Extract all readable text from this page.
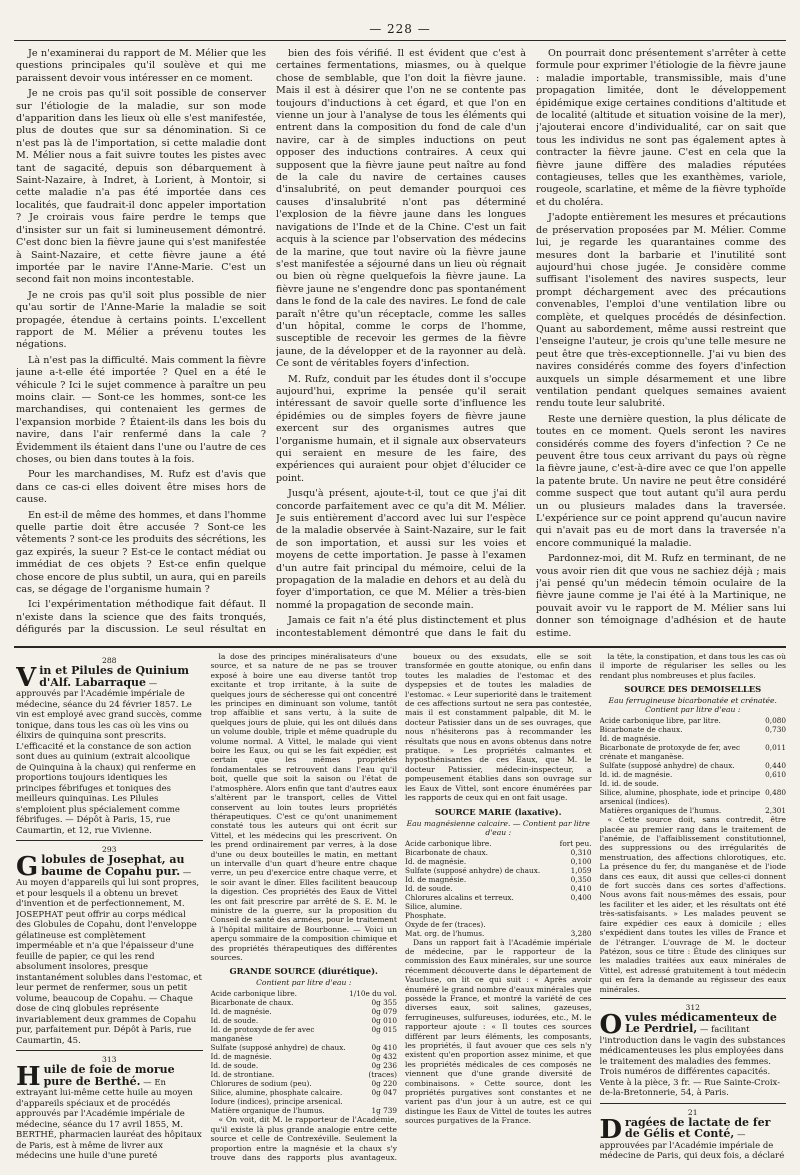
— 228 —

Je n'examinerai du rapport de M. Mélier que les questions principales qu'il soulève et qui me paraissent devoir vous intéresser en ce moment.

Je ne crois pas qu'il soit possible de conserver sur l'étiologie de la maladie, sur son mode d'apparition dans les lieux où elle s'est manifestée, plus de doutes que sur sa dénomination. Si ce n'est pas là de l'importation, si cette maladie dont M. Mélier nous a fait suivre toutes les pistes avec tant de sagacité, depuis son débarquement à Saint-Nazaire, à Indret, à Lorient, à Montoir, si cette maladie n'a pas été importée dans ces localités, que faudrait-il donc appeler importation ? Je croirais vous faire perdre le temps que d'insister sur un fait si lumineusement démontré. C'est donc bien la fièvre jaune qui s'est manifestée à Saint-Nazaire, et cette fièvre jaune a été importée par le navire l'Anne-Marie. C'est un second fait non moins incontestable.

Je ne crois pas qu'il soit plus possible de nier qu'au sortir de l'Anne-Marie la maladie se soit propagée, étendue à certains points. L'excellent rapport de M. Mélier a prévenu toutes les négations.

Là n'est pas la difficulté. Mais comment la fièvre jaune a-t-elle été importée ? Quel en a été le véhicule ? Ici le sujet commence à paraître un peu moins clair. — Sont-ce les hommes, sont-ce les marchandises, qui contenaient les germes de l'expansion morbide ? Étaient-ils dans les bois du navire, dans l'air renfermé dans la cale ? Évidemment ils étaient dans l'une ou l'autre de ces choses, ou bien dans toutes à la fois.

Pour les marchandises, M. Rufz est d'avis que dans ce cas-ci elles doivent être mises hors de cause.

En est-il de même des hommes, et dans l'homme quelle partie doit être accusée ? Sont-ce les vêtements ? sont-ce les produits des sécrétions, les gaz expirés, la sueur ? Est-ce le contact médiat ou immédiat de ces objets ? Est-ce enfin quelque chose encore de plus subtil, un aura, qui en pareils cas, se dégage de l'organisme humain ?

Ici l'expérimentation méthodique fait défaut. Il n'existe dans la science que des faits tronqués, défigurés par la discussion. Le seul résultat en

bien des fois vérifié. Il est évident que c'est à certaines fermentations, miasmes, ou à quelque chose de semblable, que l'on doit la fièvre jaune. Mais il est à désirer que l'on ne se contente pas toujours d'inductions à cet égard, et que l'on en vienne un jour à l'analyse de tous les éléments qui entrent dans la composition du fond de cale d'un navire, car à de simples inductions on peut opposer des inductions contraires. A ceux qui supposent que la fièvre jaune peut naître au fond de la cale du navire de certaines causes d'insalubrité, on peut demander pourquoi ces causes d'insalubrité n'ont pas déterminé l'explosion de la fièvre jaune dans les longues navigations de l'Inde et de la Chine. C'est un fait acquis à la science par l'observation des médecins de la marine, que tout navire où la fièvre jaune s'est manifestée a séjourné dans un lieu où régnait ou bien où règne quelquefois la fièvre jaune. La fièvre jaune ne s'engendre donc pas spontanément dans le fond de la cale des navires. Le fond de cale paraît n'être qu'un réceptacle, comme les salles d'un hôpital, comme le corps de l'homme, susceptible de recevoir les germes de la fièvre jaune, de la développer et de la rayonner au delà. Ce sont de véritables foyers d'infection.

M. Rufz, conduit par les études dont il s'occupe aujourd'hui, exprime la pensée qu'il serait intéressant de savoir quelle sorte d'influence les épidémies ou de simples foyers de fièvre jaune exercent sur des organismes autres que l'organisme humain, et il signale aux observateurs qui seraient en mesure de les faire, des expériences qui auraient pour objet d'élucider ce point.

Jusqu'à présent, ajoute-t-il, tout ce que j'ai dit concorde parfaitement avec ce qu'a dit M. Mélier. Je suis entièrement d'accord avec lui sur l'espèce de la maladie observée à Saint-Nazaire, sur le fait de son importation, et aussi sur les voies et moyens de cette importation. Je passe à l'examen d'un autre fait principal du mémoire, celui de la propagation de la maladie en dehors et au delà du foyer d'importation, ce que M. Mélier a très-bien nommé la propagation de seconde main.

Jamais ce fait n'a été plus distinctement et plus incontestablement démontré que dans le fait du

On pourrait donc présentement s'arrêter à cette formule pour exprimer l'étiologie de la fièvre jaune : maladie importable, transmissible, mais d'une propagation limitée, dont le développement épidémique exige certaines conditions d'altitude et de localité (altitude et situation voisine de la mer), j'ajouterai encore d'individualité, car on sait que tous les individus ne sont pas également aptes à contracter la fièvre jaune. C'est en cela que la fièvre jaune diffère des maladies réputées contagieuses, telles que les exanthèmes, variole, rougeole, scarlatine, et même de la fièvre typhoïde et du choléra.

J'adopte entièrement les mesures et précautions de préservation proposées par M. Mélier. Comme lui, je regarde les quarantaines comme des mesures dont la barbarie et l'inutilité sont aujourd'hui chose jugée. Je considère comme suffisant l'isolement des navires suspects, leur prompt déchargement avec des précautions convenables, l'emploi d'une ventilation libre ou complète, et quelques procédés de désinfection. Quant au sabordement, même aussi restreint que l'enseigne l'auteur, je crois qu'une telle mesure ne peut être que très-exceptionnelle. J'ai vu bien des navires considérés comme des foyers d'infection auxquels un simple désarmement et une libre ventilation pendant quelques semaines avaient rendu toute leur salubrité.

Reste une dernière question, la plus délicate de toutes en ce moment. Quels seront les navires considérés comme des foyers d'infection ? Ce ne peuvent être tous ceux arrivant du pays où règne la fièvre jaune, c'est-à-dire avec ce que l'on appelle la patente brute. Un navire ne peut être considéré comme suspect que tout autant qu'il aura perdu un ou plusieurs malades dans la traversée. L'expérience sur ce point apprend qu'aucun navire qui n'avait pas eu de mort dans la traversée n'a encore communiqué la maladie.

Pardonnez-moi, dit M. Rufz en terminant, de ne vous avoir rien dit que vous ne sachiez déjà ; mais j'ai pensé qu'un médecin témoin oculaire de la fièvre jaune comme je l'ai été à la Martinique, ne pouvait avoir vu le rapport de M. Mélier sans lui donner son témoignage d'adhésion et de haute estime.

288
Vin et Pilules de Quinium d'Alf. Labarraque — approuvés par l'Académie impériale de médecine, séance du 24 février 1857. Le vin est employé avec grand succès, comme tonique, dans tous les cas où les vins ou élixirs de quinquina sont prescrits. L'efficacité et la constance de son action sont dues au quinium (extrait alcoolique de Quinquina à la chaux) qui renferme en proportions toujours identiques les principes fébrifuges et toniques des meilleurs quinquinas. Les Pilules s'emploient plus spécialement comme fébrifuges. — Dépôt à Paris, 15, rue Caumartin, et 12, rue Vivienne.
293
Globules de Josephat, au baume de Copahu pur. — Au moyen d'appareils qui lui sont propres, et pour lesquels il a obtenu un brevet d'invention et de perfectionnement, M. JOSEPHAT peut offrir au corps médical des Globules de Copahu, dont l'enveloppe gélatineuse est complètement imperméable et n'a que l'épaisseur d'une feuille de papier, ce qui les rend absolument insolores, presque instantanément solubles dans l'estomac, et leur permet de renfermer, sous un petit volume, beaucoup de Copahu. — Chaque dose de cinq globules représente invariablement deux grammes de Copahu pur, parfaitement pur. Dépôt à Paris, rue Caumartin, 45.
313
Huile de foie de morue pure de Berthé. — En extrayant lui-même cette huile au moyen d'appareils spéciaux et de procédés approuvés par l'Académie impériale de médecine, séance du 17 avril 1855, M. BERTHÉ, pharmacien lauréat des hôpitaux de Paris, est à même de livrer aux médecins une huile d'une pureté

la dose des principes minéralisateurs d'une source, et sa nature de ne pas se trouver exposé à boire une eau diverse tantôt trop excitante et trop irritante, à la suite de quelques jours de sécheresse qui ont concentré les principes en diminuant son volume, tantôt trop affaiblie et sans vertu, à la suite de quelques jours de pluie, qui les ont dilués dans un volume double, triple et même quadruple du volume normal. A Vittel, le malade qui vient boire les Eaux, ou qui se les fait expédier, est certain que les mêmes propriétés fondamentales se retrouvent dans l'eau qu'il boit, quelle que soit la saison ou l'état de l'atmosphère. Alors enfin que tant d'autres eaux s'altèrent par le transport, celles de Vittel conservent au loin toutes leurs propriétés thérapeutiques. C'est ce qu'ont unanimement constaté tous les auteurs qui ont écrit sur Vittel, et les médecins qui les prescrivent. On les prend ordinairement par verres, à la dose d'une ou deux bouteilles le matin, en mettant un intervalle d'un quart d'heure entre chaque verre, un peu d'exercice entre chaque verre, et le soir avant le dîner. Elles facilitent beaucoup la digestion. Ces propriétés des Eaux de Vittel les ont fait prescrire par arrêté de S. E. M. le ministre de la guerre, sur la proposition du Conseil de santé des armées, pour le traitement à l'hôpital militaire de Bourbonne. — Voici un aperçu sommaire de la composition chimique et des propriétés thérapeutiques des différentes sources.

GRANDE SOURCE (diurétique).
Contient par litre d'eau :
Acide carbonique libre.	1/10e du vol.
Bicarbonate de chaux.	0g 355
Id. de magnésie.	0g 079
Id. de soude.	0g 010
Id. de protoxyde de fer avec manganèse	0g 015
Sulfate (supposé anhydre) de chaux.	0g 410
Id. de magnésie.	0g 432
Id. de soude.	0g 236
Id. de strontiane.	(traces)
Chlorures de sodium (peu).	0g 220
Silice, alumine, phosphate calcaire.	0g 047
Iodure (indices), principe arsenical.	
Matière organique de l'humus.	1g 739

« On voit, dit M. le rapporteur de l'Académie, qu'il existe là plus grande analogie entre cette source et celle de Contrexéville. Seulement la proportion entre la magnésie et la chaux s'y trouve dans des rapports plus avantageux.

boueux ou des exsudats, elle se soit transformée en goutte atonique, ou enfin dans toutes les maladies de l'estomac et des dyspepsies et de toutes les maladies de l'estomac. « Leur superiorité dans le traitement de ces affections surtout ne sera pas contestée, mais il est constamment palpable, dit M. le docteur Patissier dans un de ses ouvrages, que nous n'hésiterons pas à recommander les résultats que nous en avons obtenus dans notre pratique. » Les propriétés calmantes et hyposthénisantes de ces Eaux, que M. le docteur Patissier, médecin-inspecteur, a pompeusement établies dans son ouvrage sur les Eaux de Vittel, sont encore énumérées par les rapports de ceux qui en ont fait usage.

SOURCE MARIE (laxative).
Eau magnésienne calcaire. — Contient par litre d'eau :
Acide carbonique libre.	fort peu.
Bicarbonate de chaux.	0,310
Id. de magnésie.	0,100
Sulfate (supposé anhydre) de chaux.	1,059
Id. de magnésie.	0,350
Id. de soude.	0,410
Chlorures alcalins et terreux.	0,400
Silice, alumine.	
Phosphate.	
Oxyde de fer (traces).	
Mat. org. de l'humus.	3,280

Dans un rapport fait à l'Académie impériale de médecine, par le rapporteur de la commission des Eaux minérales, sur une source récemment découverte dans le département de Vaucluse, on lit ce qui suit : « Après avoir énuméré le grand nombre d'eaux minérales que possède la France, et montré la variété de ces diverses eaux, soit salines, gazeuses, ferrugineuses, sulfureuses, iodurées, etc., M. le rapporteur ajoute : « Il toutes ces sources différent par leurs éléments, les composants, les propriétés, il faut avouer que ces sels n'y existent qu'en proportion assez minime, et que les propriétés médicales de ces composés ne viennent que d'une grande diversité de combinaisons. » Cette source, dont les propriétés purgatives sont constantes et ne varient pas d'un jour à un autre, est ce qui distingue les Eaux de Vittel de toutes les autres sources purgatives de la France.

la tête, la constipation, et dans tous les cas où il importe de régulariser les selles ou les rendant plus nombreuses et plus faciles.

SOURCE DES DEMOISELLES
Eau ferrugineuse bicarbonatée et crénatée. Contient par litre d'eau :
Acide carbonique libre, par litre.	0,080
Bicarbonate de chaux.	0,730
Id. de magnésie.	
Bicarbonate de protoxyde de fer, avec crénate et manganèse.	0,011
Sulfate (supposé anhydre) de chaux.	0,440
Id. id. de magnésie.	0,610
Id. id. de soude.	
Silice, alumine, phosphate, iode et principe arsenical (indices).	0,480
Matières organiques de l'humus.	2,301

« Cette source doit, sans contredit, être placée au premier rang dans le traitement de l'anémie, de l'affaiblissement constitutionnel, des suppressions ou des irrégularités de menstruation, des affections chlorotiques, etc. La présence du fer, du manganèse et de l'iode dans ces eaux, dit aussi que celles-ci donnent de fort succès dans ces sortes d'affections. Nous avons fait nous-mêmes des essais, pour les faciliter et les aider, et les résultats ont été très-satisfaisants. » Les malades peuvent se faire expédier ces eaux à domicile ; elles s'expédient dans toutes les villes de France et de l'étranger. L'ouvrage de M. le docteur Patézon, sous ce titre : Étude des cliniques sur les maladies traitées aux eaux minérales de Vittel, est adressé gratuitement à tout médecin qui en fera la demande au régisseur des eaux minérales.

312
Ovules médicamenteux de Le Perdriel, — facilitant l'introduction dans le vagin des substances médicamenteuses les plus employées dans le traitement des maladies des femmes. Trois numéros de différentes capacités. Vente à la pièce, 3 fr. — Rue Sainte-Croix-de-la-Bretonnerie, 54, à Paris.
21
Dragées de lactate de fer de Gélis et Conté, — approuvées par l'Académie impériale de médecine de Paris, qui deux fois, a déclaré
